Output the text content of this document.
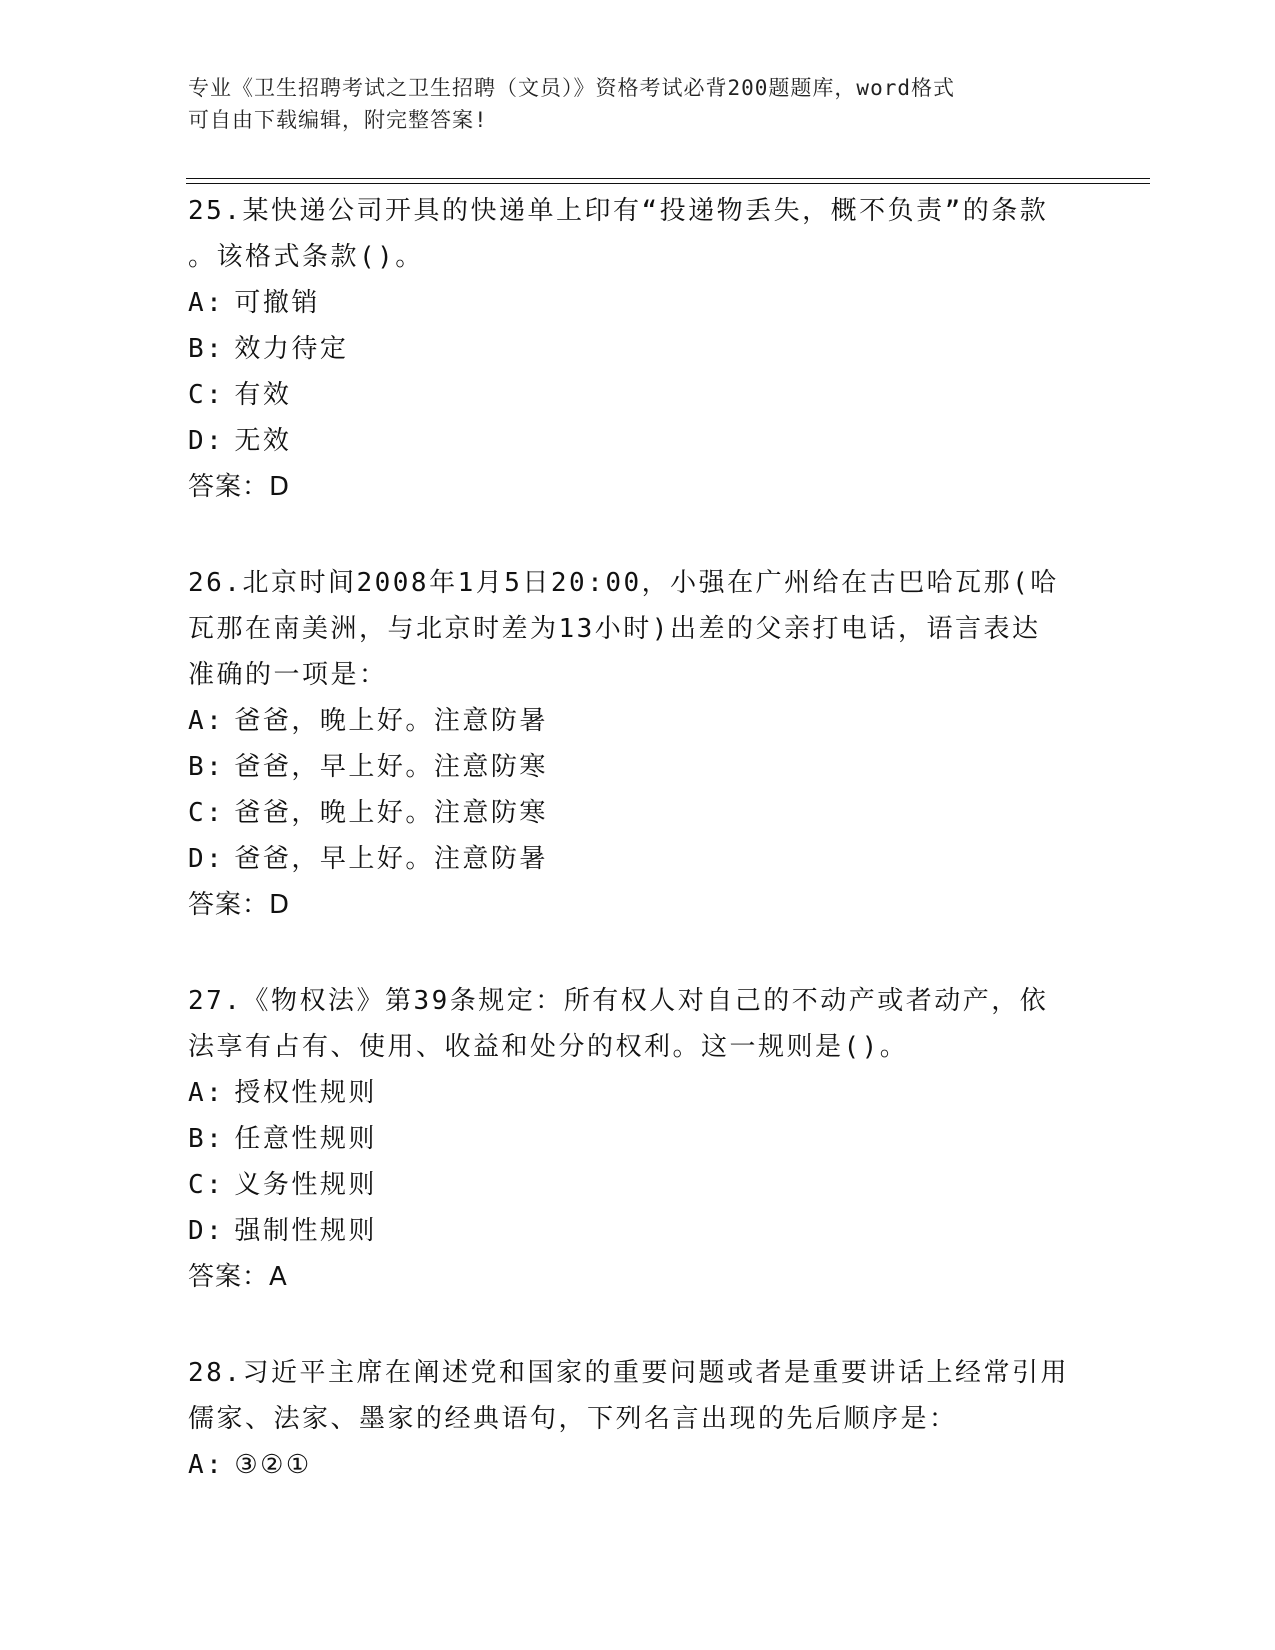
专业《卫生招聘考试之卫生招聘（文员）》资格考试必背200题题库，word格式
可自由下载编辑，附完整答案!

25.某快递公司开具的快递单上印有“投递物丢失，概不负责”的条款

。该格式条款()。

A: 可撤销

B: 效力待定

C: 有效

D: 无效

答案：D

26.北京时间2008年1月5日20:00，小强在广州给在古巴哈瓦那(哈

瓦那在南美洲，与北京时差为13小时)出差的父亲打电话，语言表达

准确的一项是：

A: 爸爸，晚上好。注意防暑

B: 爸爸，早上好。注意防寒

C: 爸爸，晚上好。注意防寒

D: 爸爸，早上好。注意防暑

答案：D

27.《物权法》第39条规定：所有权人对自己的不动产或者动产，依

法享有占有、使用、收益和处分的权利。这一规则是()。

A: 授权性规则

B: 任意性规则

C: 义务性规则

D: 强制性规则

答案：A

28.习近平主席在阐述党和国家的重要问题或者是重要讲话上经常引用

儒家、法家、墨家的经典语句，下列名言出现的先后顺序是：

A: ③②①
